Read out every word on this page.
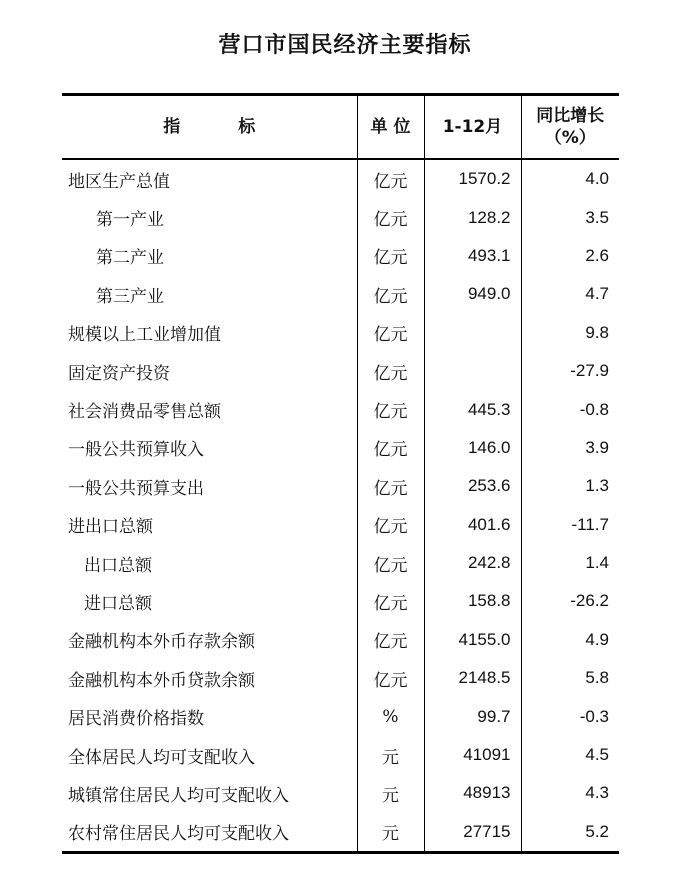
营口市国民经济主要指标
指 标	单 位	1-12月	同比增长
（%）

地区生产总值	亿元	1570.2	4.0
第一产业	亿元	128.2	3.5
第二产业	亿元	493.1	2.6
第三产业	亿元	949.0	4.7
规模以上工业增加值	亿元		9.8
固定资产投资	亿元		-27.9
社会消费品零售总额	亿元	445.3	-0.8
一般公共预算收入	亿元	146.0	3.9
一般公共预算支出	亿元	253.6	1.3
进出口总额	亿元	401.6	-11.7
出口总额	亿元	242.8	1.4
进口总额	亿元	158.8	-26.2
金融机构本外币存款余额	亿元	4155.0	4.9
金融机构本外币贷款余额	亿元	2148.5	5.8
居民消费价格指数	%	99.7	-0.3
全体居民人均可支配收入	元	41091	4.5
城镇常住居民人均可支配收入	元	48913	4.3
农村常住居民人均可支配收入	元	27715	5.2
